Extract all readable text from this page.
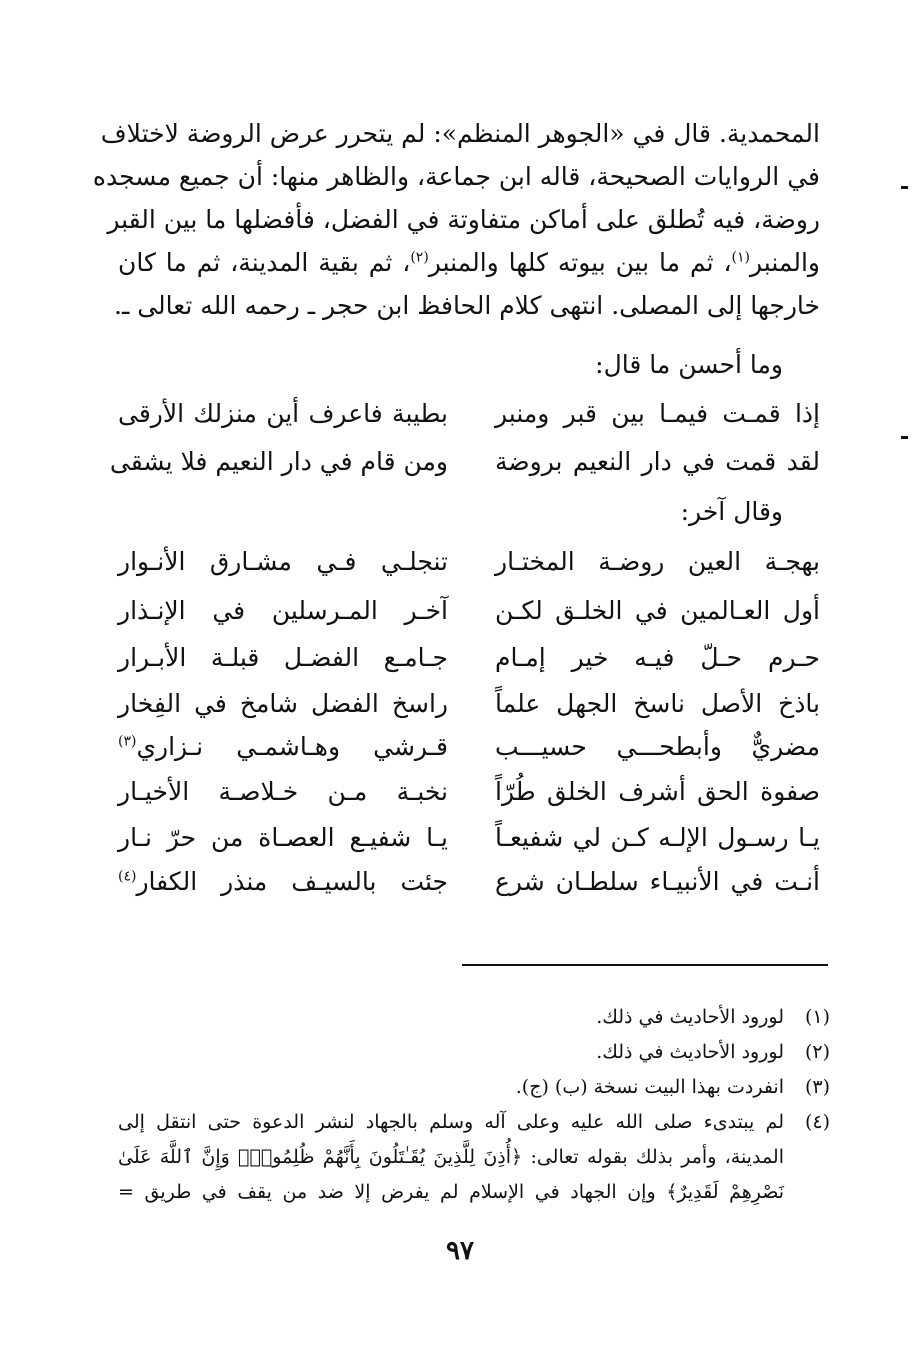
المحمدية. قال في «الجوهر المنظم»: لم يتحرر عرض الروضة لاختلاف
في الروايات الصحيحة، قاله ابن جماعة، والظاهر منها: أن جميع مسجده
روضة، فيه تُطلق على أماكن متفاوتة في الفضل، فأفضلها ما بين القبر
والمنبر$^{(١)}$، ثم ما بين بيوته كلها والمنبر$^{(٢)}$، ثم بقية المدينة، ثم ما كان
خارجها إلى المصلى. انتهى كلام الحافظ ابن حجر ـ رحمه الله تعالى ـ.
وما أحسن ما قال:
إذا قمـت فيمـا بين قبر ومنبر
بطيبة فاعرف أين منزلك الأرقى
لقد قمت في دار النعيم بروضة
ومن قام في دار النعيم فلا يشقى
وقال آخر:
بهجـة العين روضـة المختـار
تنجلـي فـي مشـارق الأنـوار
أول العـالمين في الخلـق لكـن
آخـر المـرسلين في الإنـذار
حـرم حـلّ فيـه خير إمـام
جـامـع الفضـل قبلـة الأبـرار
باذخ الأصل ناسخ الجهل علماً
راسخ الفضل شامخ في الفِخار
مضريٌّ وأبطحـــي حسيـــب
قـرشي وهـاشمـي نـزاري$^{(٣)}$
صفوة الحق أشرف الخلق طُرّاً
نخبـة مـن خـلاصـة الأخيـار
يـا رسـول الإلـه كـن لي شفيعـاً
يـا شفيـع العصـاة من حرّ نـار
أنـت في الأنبيـاء سلطـان شرع
جئت بالسيـف منذر الكفار$^{(٤)}$
(١)
لورود الأحاديث في ذلك.
(٢)
لورود الأحاديث في ذلك.
(٣)
انفردت بهذا البيت نسخة (ب) (ج).
(٤)
لم يبتدىء صلى الله عليه وعلى آله وسلم بالجهاد لنشر الدعوة حتى انتقل إلى
المدينة، وأمر بذلك بقوله تعالى: ﴿أُذِنَ لِلَّذِينَ يُقَـٰتَلُونَ بِأَنَّهُمْ ظُلِمُوا۟ۚ وَإِنَّ ٱللَّهَ عَلَىٰ
نَصْرِهِمْ لَقَدِيرٌ﴾ وإن الجهاد في الإسلام لم يفرض إلا ضد من يقف في طريق =
٩٧
